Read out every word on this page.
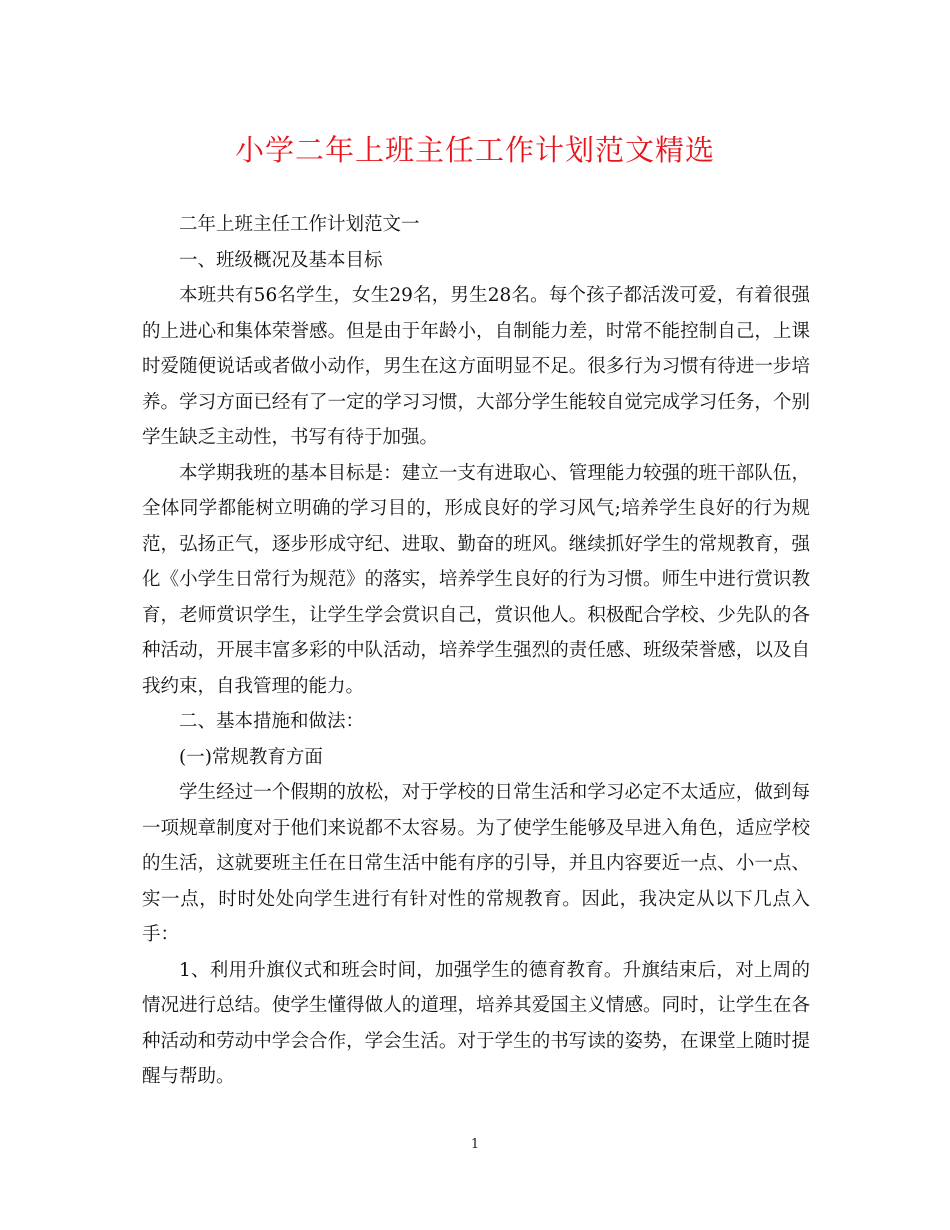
小学二年上班主任工作计划范文精选

二年上班主任工作计划范文一

一、班级概况及基本目标

本班共有56名学生，女生29名，男生28名。每个孩子都活泼可爱，有着很强的上进心和集体荣誉感。但是由于年龄小，自制能力差，时常不能控制自己，上课时爱随便说话或者做小动作，男生在这方面明显不足。很多行为习惯有待进一步培养。学习方面已经有了一定的学习习惯，大部分学生能较自觉完成学习任务，个别学生缺乏主动性，书写有待于加强。

本学期我班的基本目标是：建立一支有进取心、管理能力较强的班干部队伍，全体同学都能树立明确的学习目的，形成良好的学习风气;培养学生良好的行为规范，弘扬正气，逐步形成守纪、进取、勤奋的班风。继续抓好学生的常规教育，强化《小学生日常行为规范》的落实，培养学生良好的行为习惯。师生中进行赏识教育，老师赏识学生，让学生学会赏识自己，赏识他人。积极配合学校、少先队的各种活动，开展丰富多彩的中队活动，培养学生强烈的责任感、班级荣誉感，以及自我约束，自我管理的能力。

二、基本措施和做法：

(一)常规教育方面

学生经过一个假期的放松，对于学校的日常生活和学习必定不太适应，做到每一项规章制度对于他们来说都不太容易。为了使学生能够及早进入角色，适应学校的生活，这就要班主任在日常生活中能有序的引导，并且内容要近一点、小一点、实一点，时时处处向学生进行有针对性的常规教育。因此，我决定从以下几点入手：

1、利用升旗仪式和班会时间，加强学生的德育教育。升旗结束后，对上周的情况进行总结。使学生懂得做人的道理，培养其爱国主义情感。同时，让学生在各种活动和劳动中学会合作，学会生活。对于学生的书写读的姿势，在课堂上随时提醒与帮助。

1
